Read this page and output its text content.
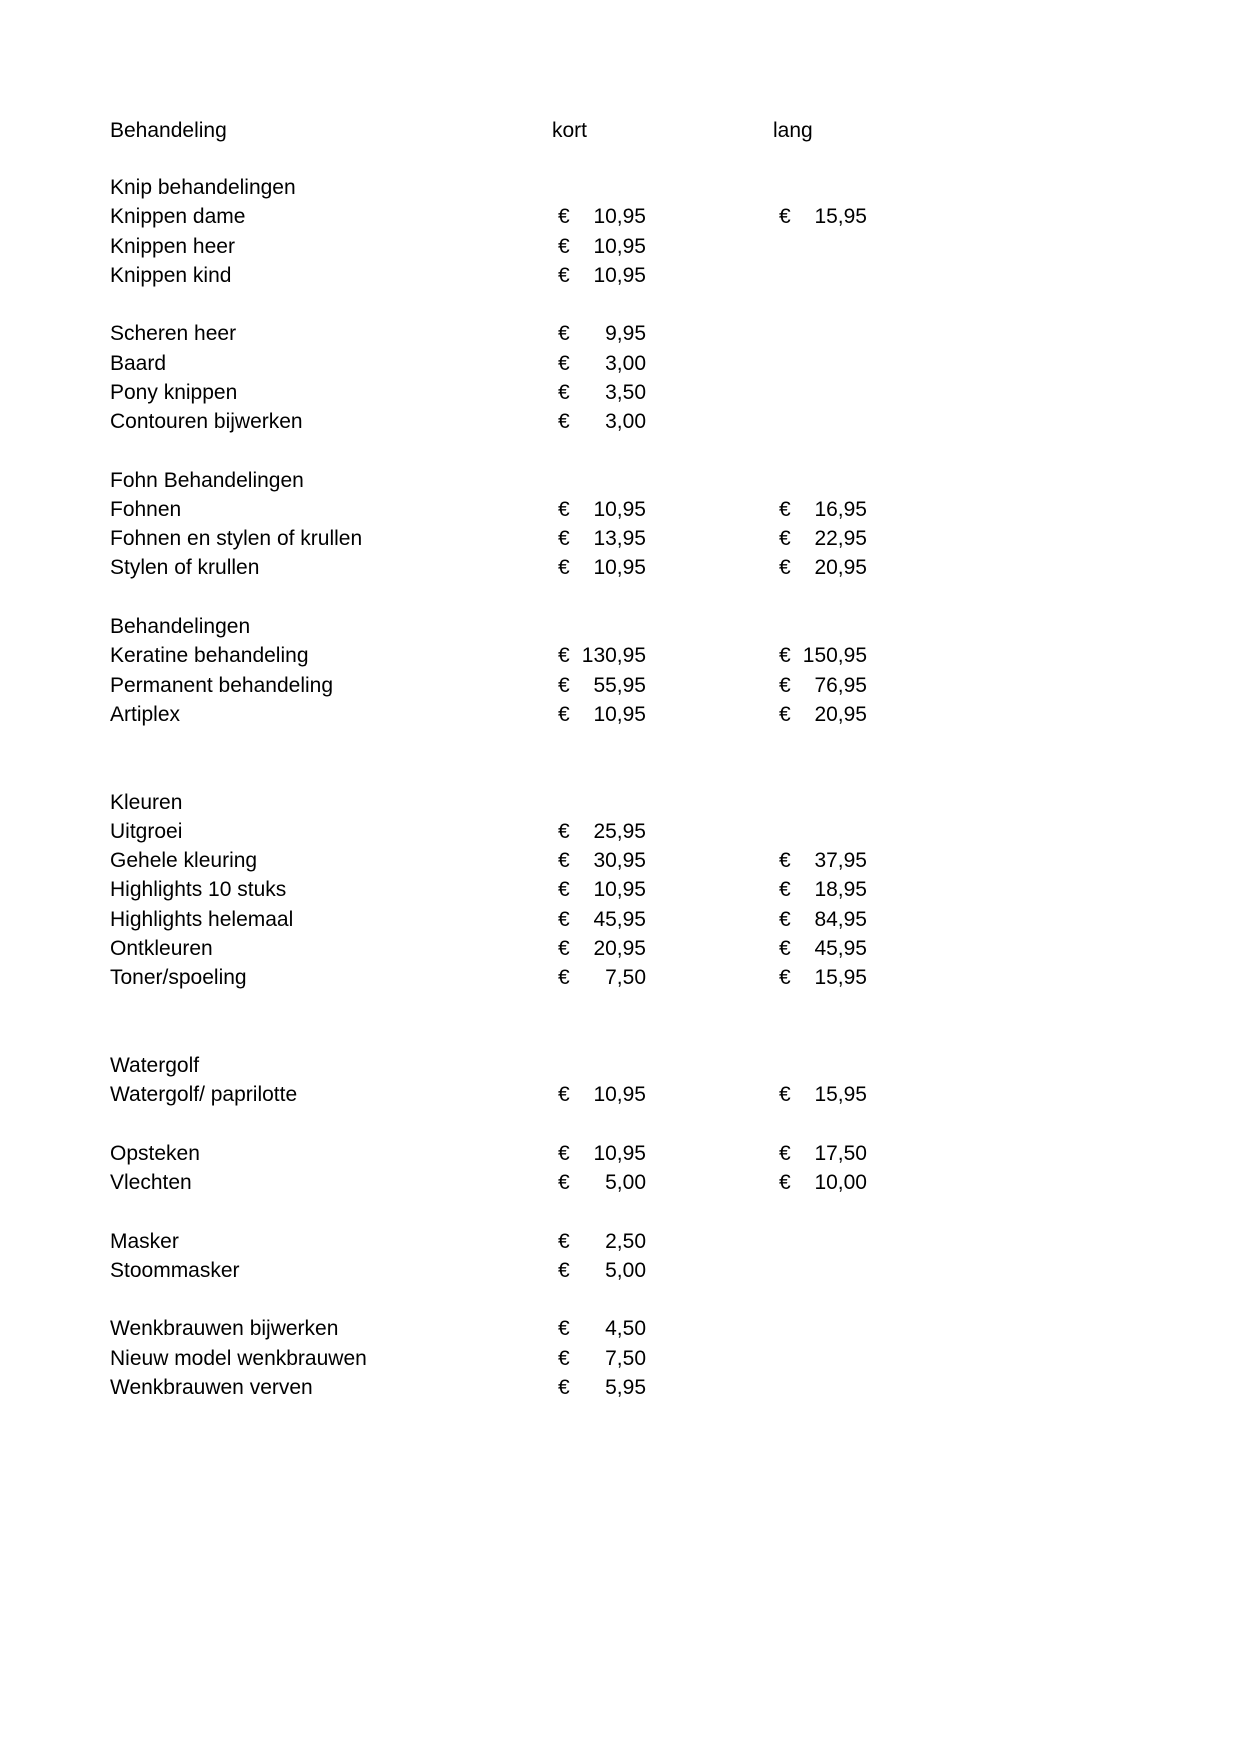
Behandeling	kort	lang
Knip behandelingen
Knippen dame	€ 10,95	€ 15,95
Knippen heer	€ 10,95
Knippen kind	€ 10,95
Scheren heer	€ 9,95
Baard	€ 3,00
Pony knippen	€ 3,50
Contouren bijwerken	€ 3,00
Fohn Behandelingen
Fohnen	€ 10,95	€ 16,95
Fohnen en stylen of krullen	€ 13,95	€ 22,95
Stylen of krullen	€ 10,95	€ 20,95
Behandelingen
Keratine behandeling	€ 130,95	€ 150,95
Permanent behandeling	€ 55,95	€ 76,95
Artiplex	€ 10,95	€ 20,95
Kleuren
Uitgroei	€ 25,95
Gehele kleuring	€ 30,95	€ 37,95
Highlights 10 stuks	€ 10,95	€ 18,95
Highlights helemaal	€ 45,95	€ 84,95
Ontkleuren	€ 20,95	€ 45,95
Toner/spoeling	€ 7,50	€ 15,95
Watergolf
Watergolf/ paprilotte	€ 10,95	€ 15,95
Opsteken	€ 10,95	€ 17,50
Vlechten	€ 5,00	€ 10,00
Masker	€ 2,50
Stoommasker	€ 5,00
Wenkbrauwen bijwerken	€ 4,50
Nieuw model wenkbrauwen	€ 7,50
Wenkbrauwen verven	€ 5,95
